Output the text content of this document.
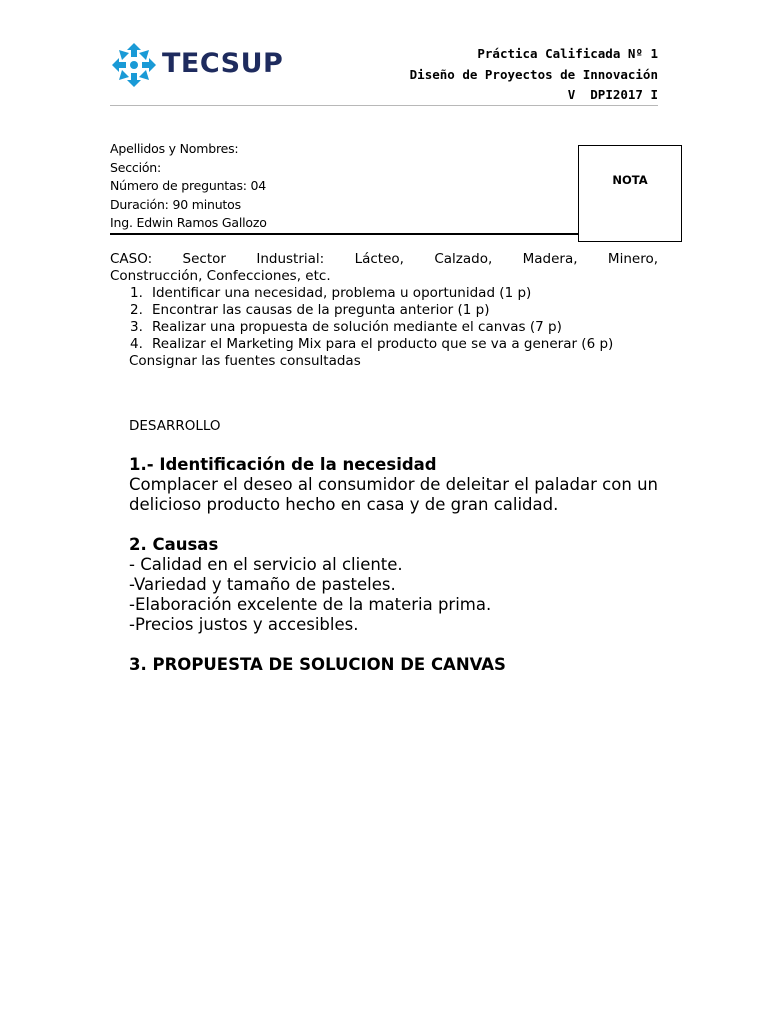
TECSUP	Práctica Calificada Nº 1
Diseño de Proyectos de Innovación
V  DPI2017 I
Apellidos y Nombres:
Sección:
Número de preguntas: 04
Duración: 90 minutos
Ing. Edwin Ramos Gallozo
NOTA
CASO: Sector Industrial: Lácteo, Calzado, Madera, Minero,
Construcción, Confecciones, etc.
Identificar una necesidad, problema u oportunidad (1 p)
Encontrar las causas de la pregunta anterior (1 p)
Realizar una propuesta de solución mediante el canvas (7 p)
Realizar el Marketing Mix para el producto que se va a generar (6 p)
Consignar las fuentes consultadas
DESARROLLO
1.- Identificación de la necesidad

Complacer el deseo al consumidor de deleitar el paladar con un delicioso producto hecho en casa y de gran calidad.

2. Causas

- Calidad en el servicio al cliente.

-Variedad y tamaño de pasteles.

-Elaboración excelente de la materia prima.

-Precios justos y accesibles.

3. PROPUESTA DE SOLUCION DE CANVAS
